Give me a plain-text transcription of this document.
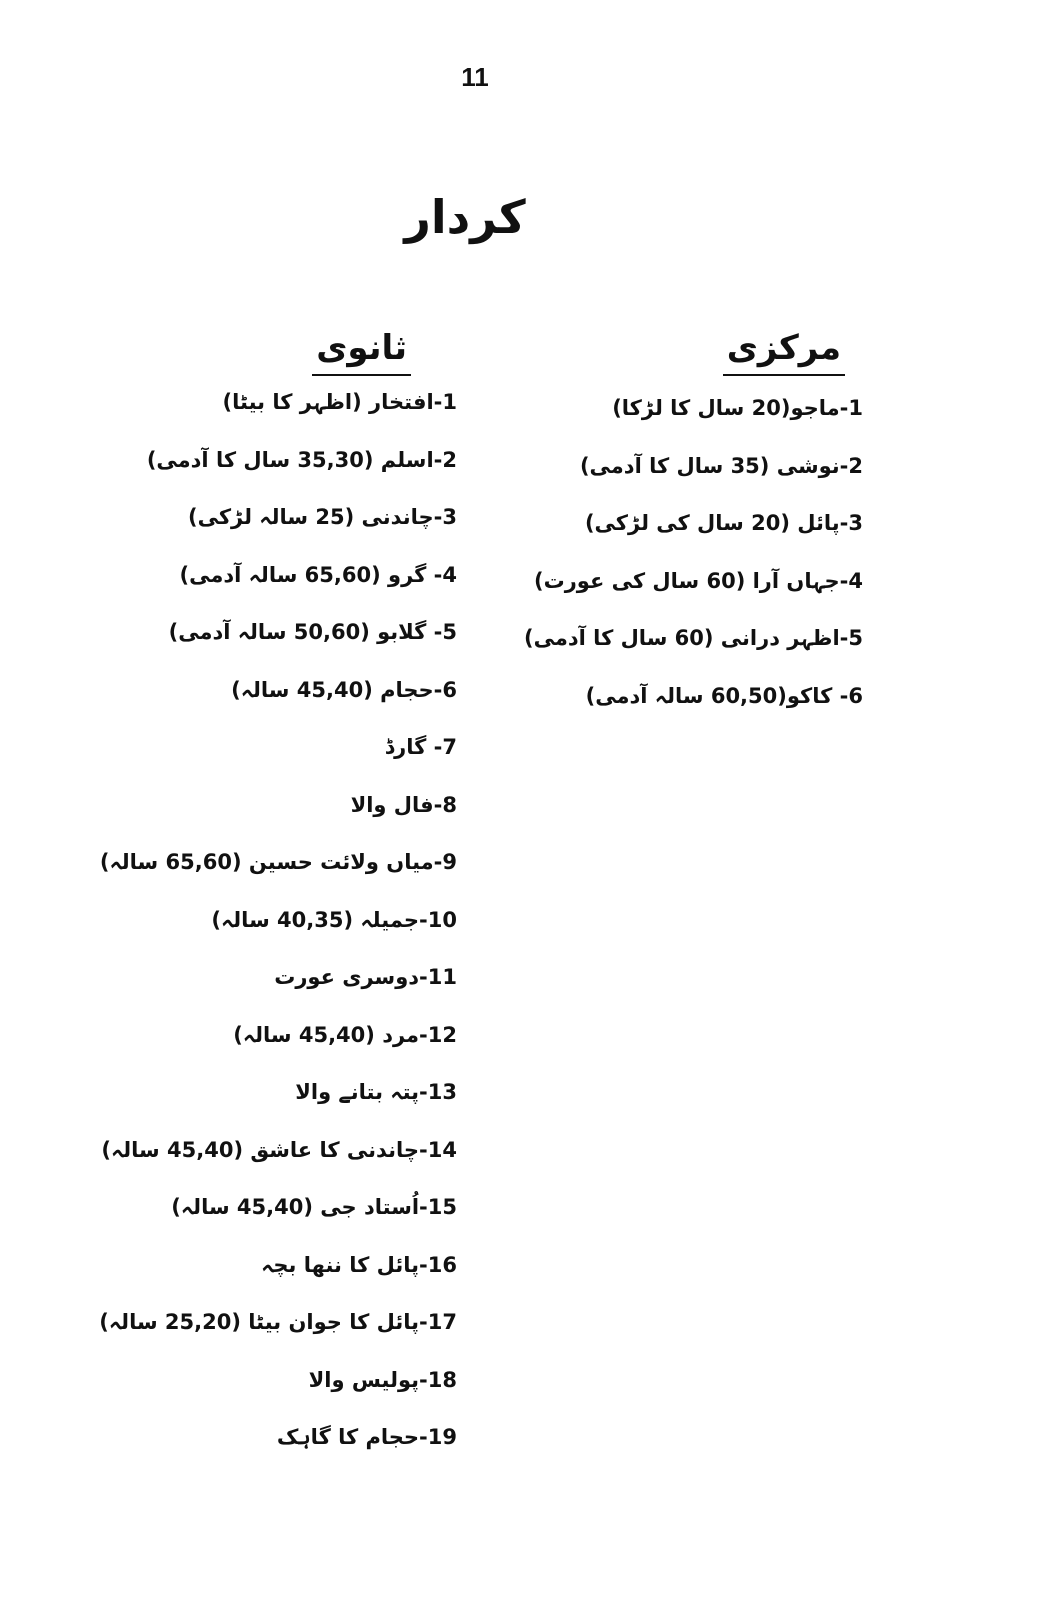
11
کردار
مرکزی
1-ماجو(20 سال کا لڑکا)
2-نوشی (35 سال کا آدمی)
3-پائل (20 سال کی لڑکی)
4-جہاں آرا (60 سال کی عورت)
5-اظہر درانی (60 سال کا آدمی)
6- کاکو(60,50 سالہ آدمی)
ثانوی
1-افتخار (اظہر کا بیٹا)
2-اسلم (35,30 سال کا آدمی)
3-چاندنی (25 سالہ لڑکی)
4- گرو (65,60 سالہ آدمی)
5- گلابو (50,60 سالہ آدمی)
6-حجام (45,40 سالہ)
7- گارڈ
8-فال والا
9-میاں ولائت حسین (65,60 سالہ)
10-جمیلہ (40,35 سالہ)
11-دوسری عورت
12-مرد (45,40 سالہ)
13-پتہ بتانے والا
14-چاندنی کا عاشق (45,40 سالہ)
15-اُستاد جی (45,40 سالہ)
16-پائل کا ننھا بچہ
17-پائل کا جوان بیٹا (25,20 سالہ)
18-پولیس والا
19-حجام کا گاہک
